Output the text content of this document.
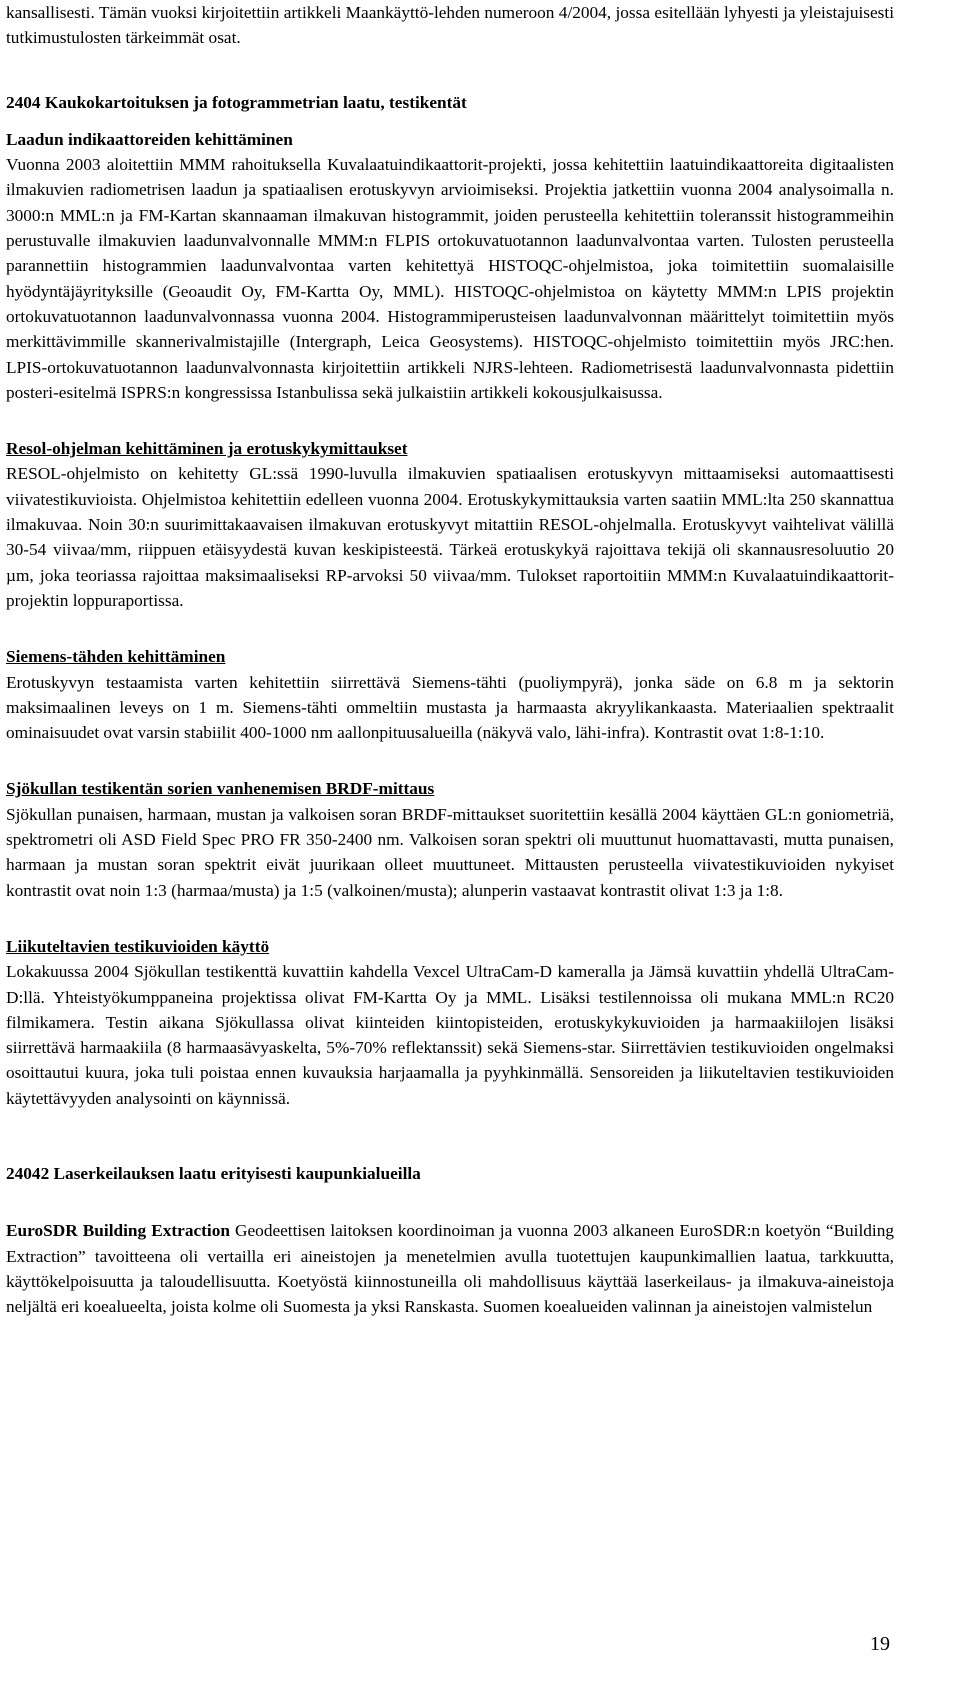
kansallisesti. Tämän vuoksi kirjoitettiin artikkeli Maankäyttö-lehden numeroon 4/2004, jossa esitellään lyhyesti ja yleistajuisesti tutkimustulosten tärkeimmät osat.

2404 Kaukokartoituksen ja fotogrammetrian laatu, testikentät
Laadun indikaattoreiden kehittäminen

Vuonna 2003 aloitettiin MMM rahoituksella Kuvalaatuindikaattorit-projekti, jossa kehitettiin laatuindikaattoreita digitaalisten ilmakuvien radiometrisen laadun ja spatiaalisen erotuskyvyn arvioimiseksi. Projektia jatkettiin vuonna 2004 analysoimalla n. 3000:n MML:n ja FM-Kartan skannaaman ilmakuvan histogrammit, joiden perusteella kehitettiin toleranssit histogrammeihin perustuvalle ilmakuvien laadunvalvonnalle MMM:n FLPIS ortokuvatuotannon laadunvalvontaa varten. Tulosten perusteella parannettiin histogrammien laadunvalvontaa varten kehitettyä HISTOQC-ohjelmistoa, joka toimitettiin suomalaisille hyödyntäjäyrityksille (Geoaudit Oy, FM-Kartta Oy, MML). HISTOQC-ohjelmistoa on käytetty MMM:n LPIS projektin ortokuvatuotannon laadunvalvonnassa vuonna 2004. Histogrammiperusteisen laadunvalvonnan määrittelyt toimitettiin myös merkittävimmille skannerivalmistajille (Intergraph, Leica Geosystems). HISTOQC-ohjelmisto toimitettiin myös JRC:hen. LPIS-ortokuvatuotannon laadunvalvonnasta kirjoitettiin artikkeli NJRS-lehteen. Radiometrisestä laadunvalvonnasta pidettiin posteri-esitelmä ISPRS:n kongressissa Istanbulissa sekä julkaistiin artikkeli kokousjulkaisussa.

Resol-ohjelman kehittäminen ja erotuskykymittaukset

RESOL-ohjelmisto on kehitetty GL:ssä 1990-luvulla ilmakuvien spatiaalisen erotuskyvyn mittaamiseksi automaattisesti viivatestikuvioista. Ohjelmistoa kehitettiin edelleen vuonna 2004. Erotuskykymittauksia varten saatiin MML:lta 250 skannattua ilmakuvaa. Noin 30:n suurimittakaavaisen ilmakuvan erotuskyvyt mitattiin RESOL-ohjelmalla. Erotuskyvyt vaihtelivat välillä 30-54 viivaa/mm, riippuen etäisyydestä kuvan keskipisteestä. Tärkeä erotuskykyä rajoittava tekijä oli skannausresoluutio 20 µm, joka teoriassa rajoittaa maksimaaliseksi RP-arvoksi 50 viivaa/mm. Tulokset raportoitiin MMM:n Kuvalaatuindikaattorit-projektin loppuraportissa.

Siemens-tähden kehittäminen

Erotuskyvyn testaamista varten kehitettiin siirrettävä Siemens-tähti (puoliympyrä), jonka säde on 6.8 m ja sektorin maksimaalinen leveys on 1 m. Siemens-tähti ommeltiin mustasta ja harmaasta akryylikankaasta. Materiaalien spektraalit ominaisuudet ovat varsin stabiilit 400-1000 nm aallonpituusalueilla (näkyvä valo, lähi-infra). Kontrastit ovat 1:8-1:10.

Sjökullan testikentän sorien vanhenemisen BRDF-mittaus

Sjökullan punaisen, harmaan, mustan ja valkoisen soran BRDF-mittaukset suoritettiin kesällä 2004 käyttäen GL:n goniometriä, spektrometri oli ASD Field Spec PRO FR 350-2400 nm. Valkoisen soran spektri oli muuttunut huomattavasti, mutta punaisen, harmaan ja mustan soran spektrit eivät juurikaan olleet muuttuneet. Mittausten perusteella viivatestikuvioiden nykyiset kontrastit ovat noin 1:3 (harmaa/musta) ja 1:5 (valkoinen/musta); alunperin vastaavat kontrastit olivat 1:3 ja 1:8.

Liikuteltavien testikuvioiden käyttö

Lokakuussa 2004 Sjökullan testikenttä kuvattiin kahdella Vexcel UltraCam-D kameralla ja Jämsä kuvattiin yhdellä UltraCam-D:llä. Yhteistyökumppaneina projektissa olivat FM-Kartta Oy ja MML. Lisäksi testilennoissa oli mukana MML:n RC20 filmikamera. Testin aikana Sjökullassa olivat kiinteiden kiintopisteiden, erotuskykykuvioiden ja harmaakiilojen lisäksi siirrettävä harmaakiila (8 harmaasävyaskelta, 5%-70% reflektanssit) sekä Siemens-star. Siirrettävien testikuvioiden ongelmaksi osoittautui kuura, joka tuli poistaa ennen kuvauksia harjaamalla ja pyyhkinmällä. Sensoreiden ja liikuteltavien testikuvioiden käytettävyyden analysointi on käynnissä.

24042 Laserkeilauksen laatu erityisesti kaupunkialueilla

EuroSDR Building Extraction Geodeettisen laitoksen koordinoiman ja vuonna 2003 alkaneen EuroSDR:n koetyön “Building Extraction” tavoitteena oli vertailla eri aineistojen ja menetelmien avulla tuotettujen kaupunkimallien laatua, tarkkuutta, käyttökelpoisuutta ja taloudellisuutta. Koetyöstä kiinnostuneilla oli mahdollisuus käyttää laserkeilaus- ja ilmakuva-aineistoja neljältä eri koealueelta, joista kolme oli Suomesta ja yksi Ranskasta. Suomen koealueiden valinnan ja aineistojen valmistelun

19
